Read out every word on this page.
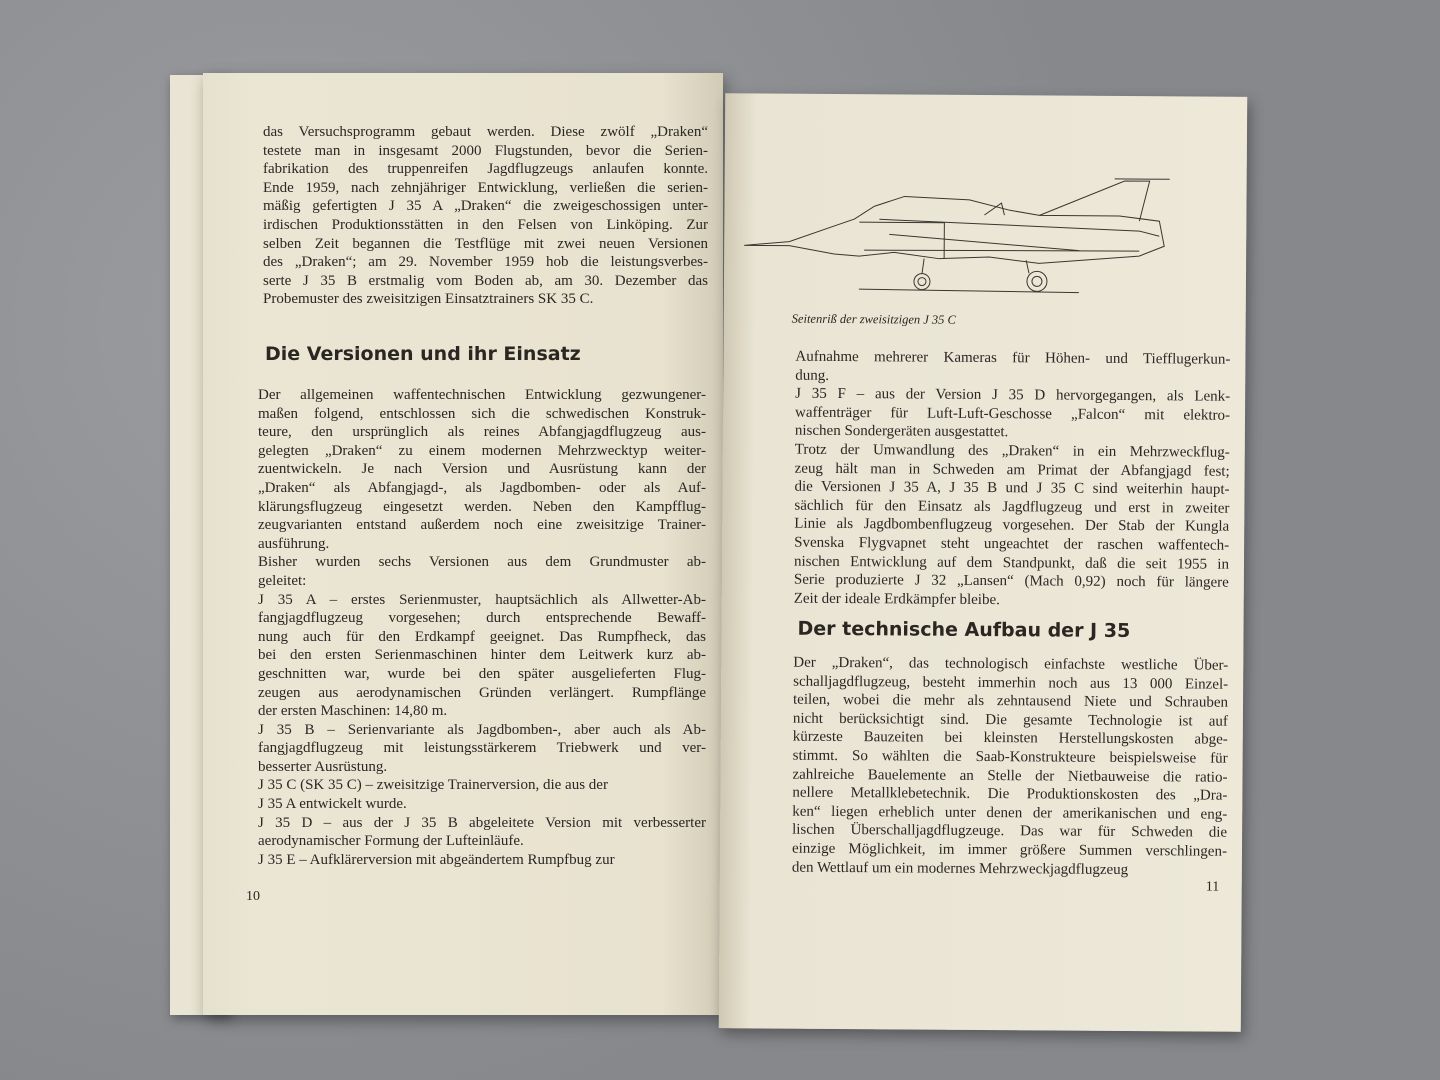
das Versuchsprogramm gebaut werden. Diese zwölf „Draken“
testete man in insgesamt 2000 Flugstunden, bevor die Serien-
fabrikation des truppenreifen Jagdflugzeugs anlaufen konnte.
Ende 1959, nach zehnjähriger Entwicklung, verließen die serien-
mäßig gefertigten J 35 A „Draken“ die zweigeschossigen unter-
irdischen Produktionsstätten in den Felsen von Linköping. Zur
selben Zeit begannen die Testflüge mit zwei neuen Versionen
des „Draken“; am 29. November 1959 hob die leistungsverbes-
serte J 35 B erstmalig vom Boden ab, am 30. Dezember das
Probemuster des zweisitzigen Einsatztrainers SK 35 C.
Die Versionen und ihr Einsatz
Der allgemeinen waffentechnischen Entwicklung gezwungener-
maßen folgend, entschlossen sich die schwedischen Konstruk-
teure, den ursprünglich als reines Abfangjagdflugzeug aus-
gelegten „Draken“ zu einem modernen Mehrzwecktyp weiter-
zuentwickeln. Je nach Version und Ausrüstung kann der
„Draken“ als Abfangjagd-, als Jagdbomben- oder als Auf-
klärungsflugzeug eingesetzt werden. Neben den Kampfflug-
zeugvarianten entstand außerdem noch eine zweisitzige Trainer-
ausführung.
Bisher wurden sechs Versionen aus dem Grundmuster ab-
geleitet:
J 35 A – erstes Serienmuster, hauptsächlich als Allwetter-Ab-
fangjagdflugzeug vorgesehen; durch entsprechende Bewaff-
nung auch für den Erdkampf geeignet. Das Rumpfheck, das
bei den ersten Serienmaschinen hinter dem Leitwerk kurz ab-
geschnitten war, wurde bei den später ausgelieferten Flug-
zeugen aus aerodynamischen Gründen verlängert. Rumpflänge
der ersten Maschinen: 14,80 m.
J 35 B – Serienvariante als Jagdbomben-, aber auch als Ab-
fangjagdflugzeug mit leistungsstärkerem Triebwerk und ver-
besserter Ausrüstung.
J 35 C (SK 35 C) – zweisitzige Trainerversion, die aus der
J 35 A entwickelt wurde.
J 35 D – aus der J 35 B abgeleitete Version mit verbesserter
aerodynamischer Formung der Lufteinläufe.
J 35 E – Aufklärerversion mit abgeändertem Rumpfbug zur
10
Seitenriß der zweisitzigen J 35 C
Aufnahme mehrerer Kameras für Höhen- und Tiefflugerkun-
dung.
J 35 F – aus der Version J 35 D hervorgegangen, als Lenk-
waffenträger für Luft-Luft-Geschosse „Falcon“ mit elektro-
nischen Sondergeräten ausgestattet.
Trotz der Umwandlung des „Draken“ in ein Mehrzweckflug-
zeug hält man in Schweden am Primat der Abfangjagd fest;
die Versionen J 35 A, J 35 B und J 35 C sind weiterhin haupt-
sächlich für den Einsatz als Jagdflugzeug und erst in zweiter
Linie als Jagdbombenflugzeug vorgesehen. Der Stab der Kungla
Svenska Flygvapnet steht ungeachtet der raschen waffentech-
nischen Entwicklung auf dem Standpunkt, daß die seit 1955 in
Serie produzierte J 32 „Lansen“ (Mach 0,92) noch für längere
Zeit der ideale Erdkämpfer bleibe.
Der technische Aufbau der J 35
Der „Draken“, das technologisch einfachste westliche Über-
schalljagdflugzeug, besteht immerhin noch aus 13 000 Einzel-
teilen, wobei die mehr als zehntausend Niete und Schrauben
nicht berücksichtigt sind. Die gesamte Technologie ist auf
kürzeste Bauzeiten bei kleinsten Herstellungskosten abge-
stimmt. So wählten die Saab-Konstrukteure beispielsweise für
zahlreiche Bauelemente an Stelle der Nietbauweise die ratio-
nellere Metallklebetechnik. Die Produktionskosten des „Dra-
ken“ liegen erheblich unter denen der amerikanischen und eng-
lischen Überschalljagdflugzeuge. Das war für Schweden die
einzige Möglichkeit, im immer größere Summen verschlingen-
den Wettlauf um ein modernes Mehrzweckjagdflugzeug
11
